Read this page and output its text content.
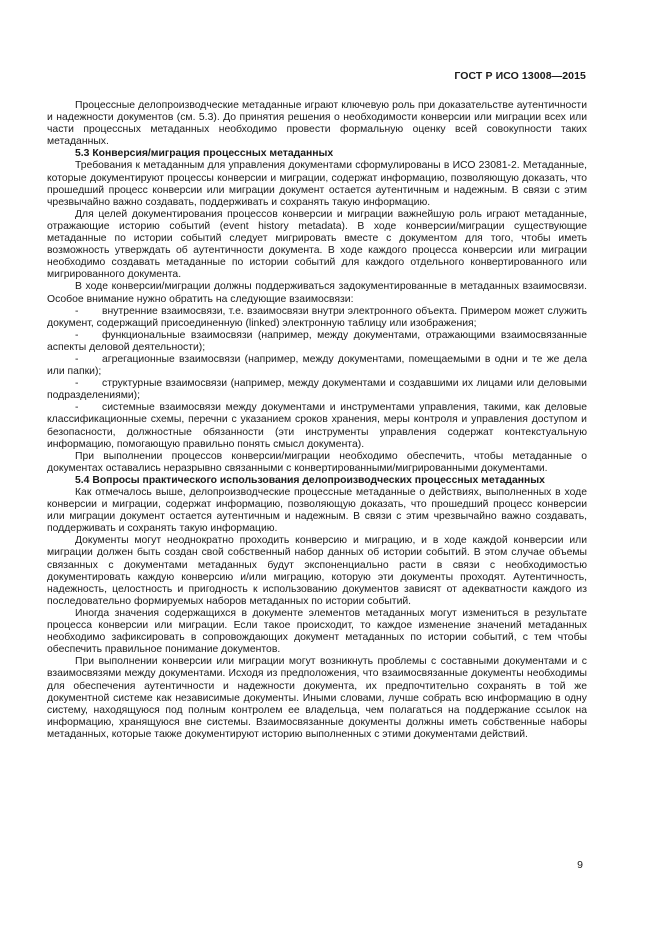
ГОСТ Р ИСО 13008—2015

Процессные делопроизводческие метаданные играют ключевую роль при доказательстве аутентичности и надежности документов (см. 5.3). До принятия решения о необходимости конверсии или миграции всех или части процессных метаданных необходимо провести формальную оценку всей совокупности таких метаданных.

5.3 Конверсия/миграция процессных метаданных

Требования к метаданным для управления документами сформулированы в ИСО 23081-2. Метаданные, которые документируют процессы конверсии и миграции, содержат информацию, позволяющую доказать, что прошедший процесс конверсии или миграции документ остается аутентичным и надежным. В связи с этим чрезвычайно важно создавать, поддерживать и сохранять такую информацию.

Для целей документирования процессов конверсии и миграции важнейшую роль играют метаданные, отражающие историю событий (event history metadata). В ходе конверсии/миграции существующие метаданные по истории событий следует мигрировать вместе с документом для того, чтобы иметь возможность утверждать об аутентичности документа. В ходе каждого процесса конверсии или миграции необходимо создавать метаданные по истории событий для каждого отдельного конвертированного или мигрированного документа.

В ходе конверсии/миграции должны поддерживаться задокументированные в метаданных взаимосвязи. Особое внимание нужно обратить на следующие взаимосвязи:

- внутренние взаимосвязи, т.е. взаимосвязи внутри электронного объекта. Примером может служить документ, содержащий присоединенную (linked) электронную таблицу или изображения;

- функциональные взаимосвязи (например, между документами, отражающими взаимосвязанные аспекты деловой деятельности);

- агрегационные взаимосвязи (например, между документами, помещаемыми в одни и те же дела или папки);

- структурные взаимосвязи (например, между документами и создавшими их лицами или деловыми подразделениями);

- системные взаимосвязи между документами и инструментами управления, такими, как деловые классификационные схемы, перечни с указанием сроков хранения, меры контроля и управления доступом и безопасности, должностные обязанности (эти инструменты управления содержат контекстуальную информацию, помогающую правильно понять смысл документа).

При выполнении процессов конверсии/миграции необходимо обеспечить, чтобы метаданные о документах оставались неразрывно связанными с конвертированными/мигрированными документами.

5.4 Вопросы практического использования делопроизводческих процессных метаданных

Как отмечалось выше, делопроизводческие процессные метаданные о действиях, выполненных в ходе конверсии и миграции, содержат информацию, позволяющую доказать, что прошедший процесс конверсии или миграции документ остается аутентичным и надежным. В связи с этим чрезвычайно важно создавать, поддерживать и сохранять такую информацию.

Документы могут неоднократно проходить конверсию и миграцию, и в ходе каждой конверсии или миграции должен быть создан свой собственный набор данных об истории событий. В этом случае объемы связанных с документами метаданных будут экспоненциально расти в связи с необходимостью документировать каждую конверсию и/или миграцию, которую эти документы проходят. Аутентичность, надежность, целостность и пригодность к использованию документов зависят от адекватности каждого из последовательно формируемых наборов метаданных по истории событий.

Иногда значения содержащихся в документе элементов метаданных могут измениться в результате процесса конверсии или миграции. Если такое происходит, то каждое изменение значений метаданных необходимо зафиксировать в сопровождающих документ метаданных по истории событий, с тем чтобы обеспечить правильное понимание документов.

При выполнении конверсии или миграции могут возникнуть проблемы с составными документами и с взаимосвязями между документами. Исходя из предположения, что взаимосвязанные документы необходимы для обеспечения аутентичности и надежности документа, их предпочтительно сохранять в той же документной системе как независимые документы. Иными словами, лучше собрать всю информацию в одну систему, находящуюся под полным контролем ее владельца, чем полагаться на поддержание ссылок на информацию, хранящуюся вне системы. Взаимосвязанные документы должны иметь собственные наборы метаданных, которые также документируют историю выполненных с этими документами действий.

9
